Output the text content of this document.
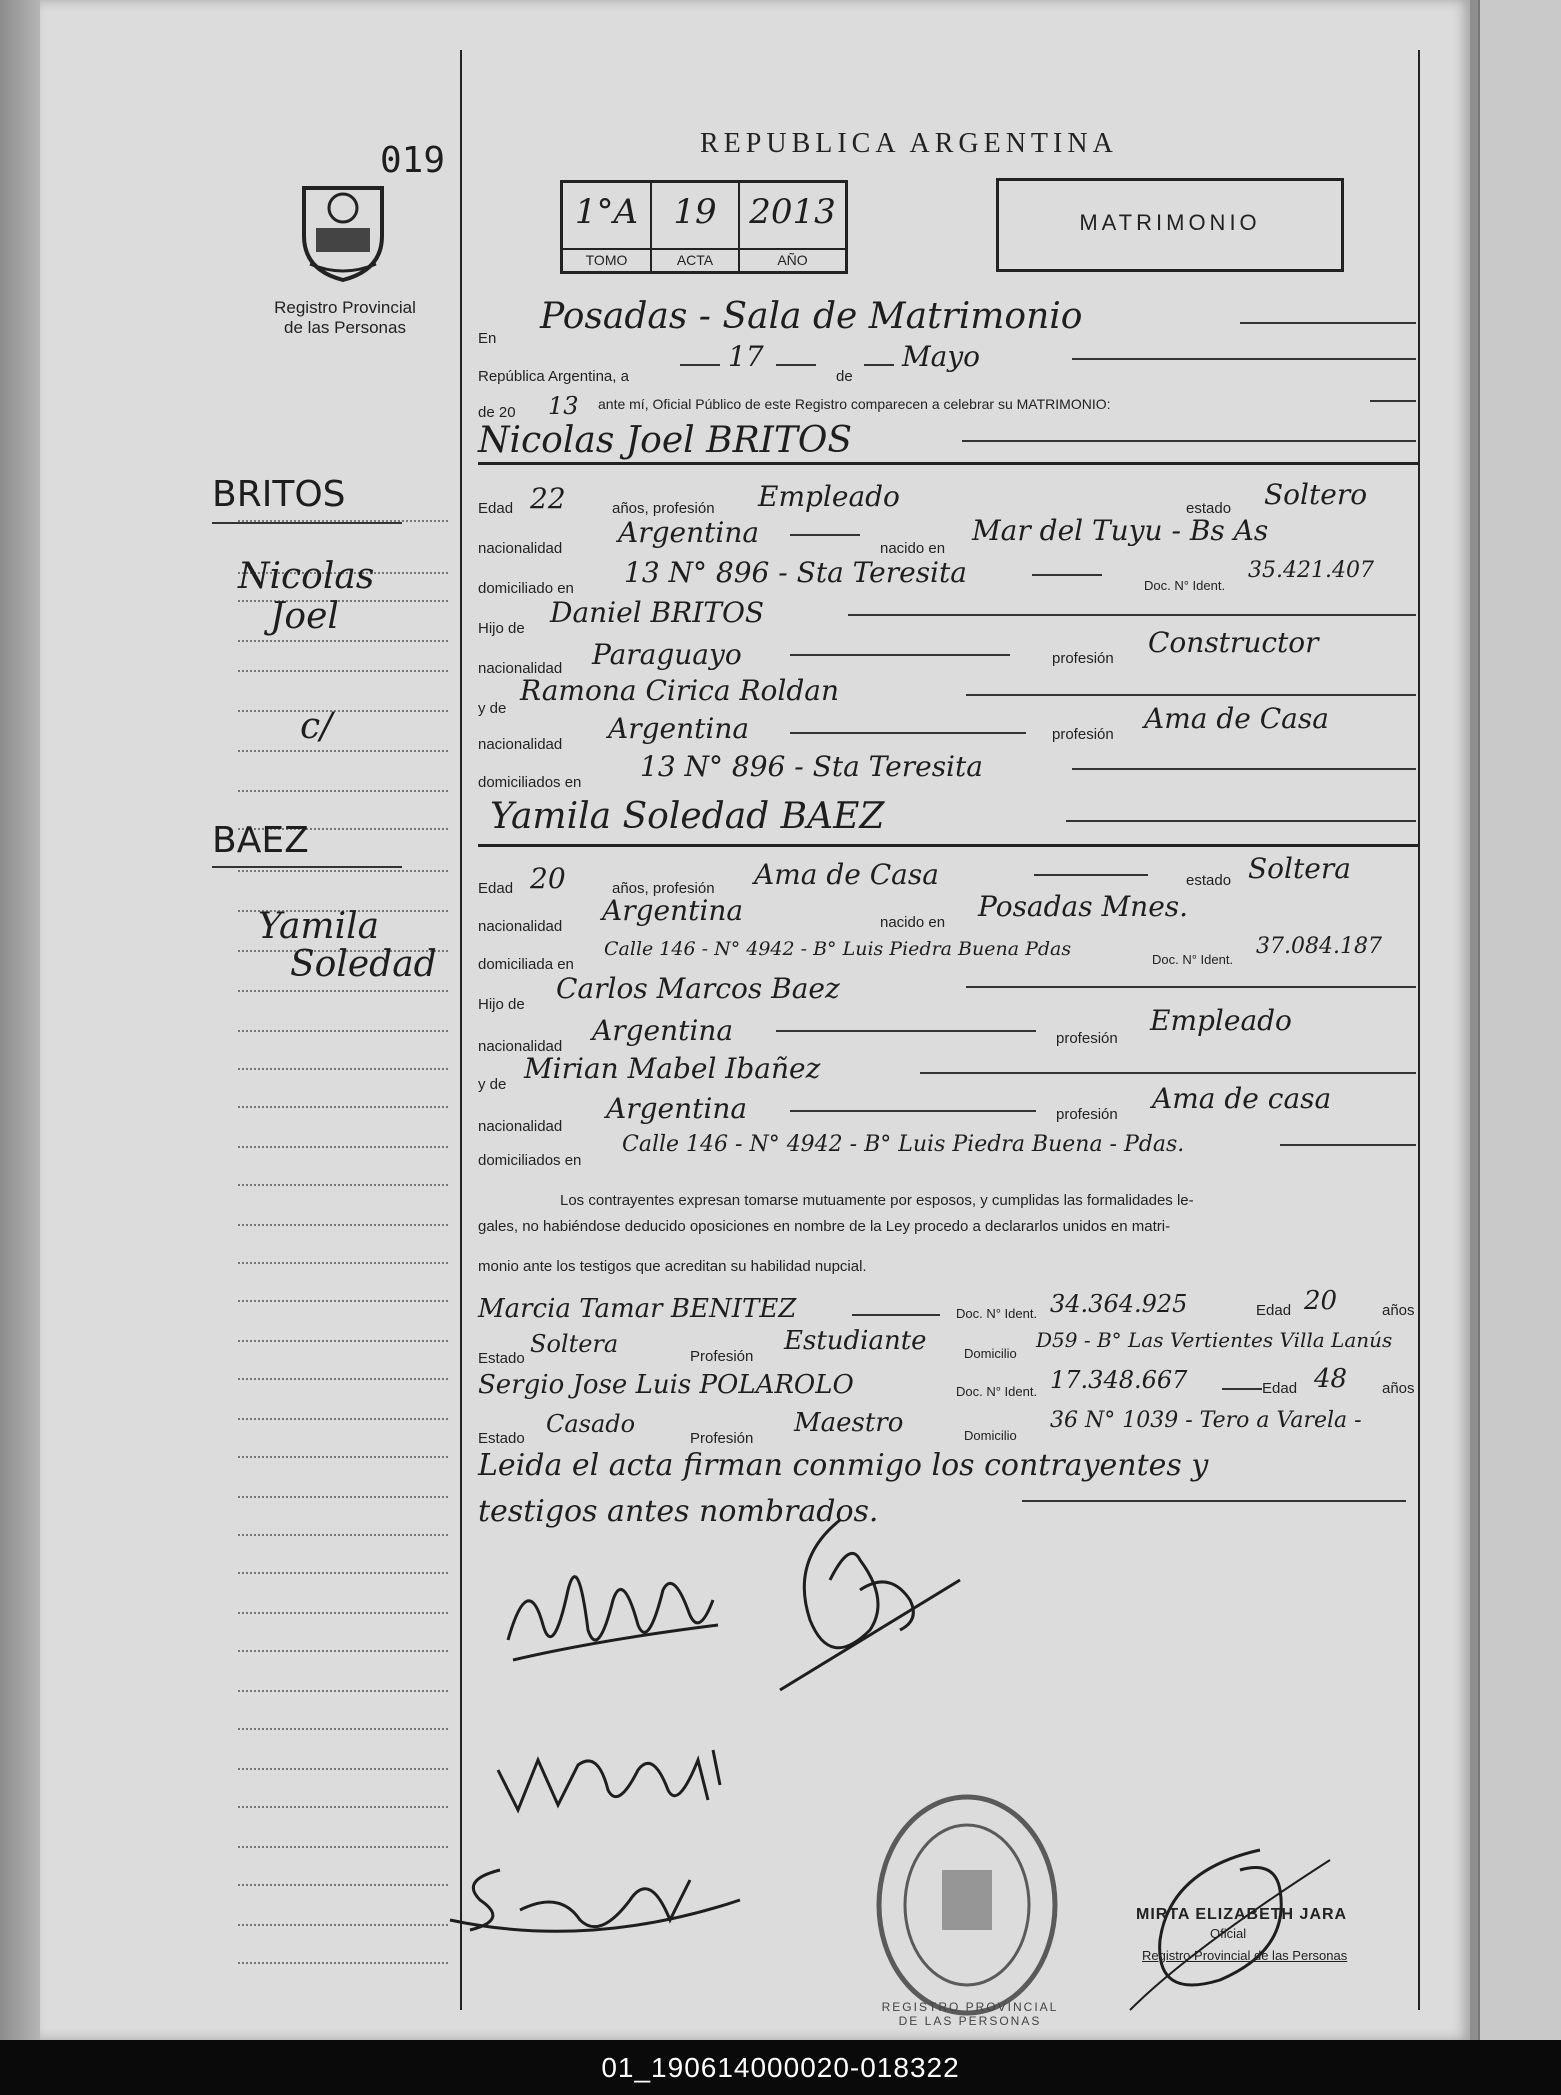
019
Registro Provincial
de las Personas
REPUBLICA ARGENTINA
1°A	19 2013
TOMO	ACTA	AÑO
MATRIMONIO
BRITOS
Nicolas
Joel
c/
BAEZ
Yamila
Soledad
En
Posadas - Sala de Matrimonio
República Argentina, a
17
de
Mayo
de 20 13 ante mí, Oficial Público de este Registro comparecen a celebrar su MATRIMONIO:
Nicolas Joel BRITOS
Edad 22	años, profesión Empleado	estado Soltero
nacionalidad Argentina	nacido en
Mar del Tuyu - Bs As
domiciliado en 13 N° 896 - Sta Teresita	Doc. N° Ident.
35.421.407
Hijo de Daniel BRITOS
nacionalidad Paraguayo	profesión Constructor
y de
Ramona Cirica Roldan
nacionalidad Argentina	profesión Ama de Casa
domiciliados en 13 N° 896 - Sta Teresita
Yamila Soledad BAEZ
Edad 20	años, profesión Ama de Casa	estado Soltera
nacionalidad Argentina	nacido en Posadas Mnes.
domiciliada en
Calle 146 - N° 4942 - B° Luis Piedra Buena Pdas	Doc. N° Ident.
37.084.187
Hijo de Carlos Marcos Baez
nacionalidad Argentina	profesión
Empleado
y de Mirian Mabel Ibañez
nacionalidad
Argentina	profesión Ama de casa
domiciliados en
Calle 146 - N° 4942 - B° Luis Piedra Buena - Pdas.
Los contrayentes expresan tomarse mutuamente por esposos, y cumplidas las formalidades le-
gales, no habiéndose deducido oposiciones en nombre de la Ley procedo a declararlos unidos en matri-
monio ante los testigos que acreditan su habilidad nupcial.
Marcia Tamar BENITEZ	Doc. N° Ident. 34.364.925	Edad 20	años
Estado
Soltera	Profesión
Estudiante	Domicilio
D59 - B° Las Vertientes Villa Lanús
Sergio Jose Luis POLAROLO	Doc. N° Ident. 17.348.667	Edad 48 años
Estado
Casado
Profesión
Maestro	Domicilio
36 N° 1039 - Tero a Varela -
Leida el acta firman conmigo los contrayentes y
testigos antes nombrados.
REGISTRO PROVINCIAL DE LAS PERSONAS
MIRTA ELIZABETH JARA
Oficial
Registro Provincial de las Personas
01_190614000020-018322
